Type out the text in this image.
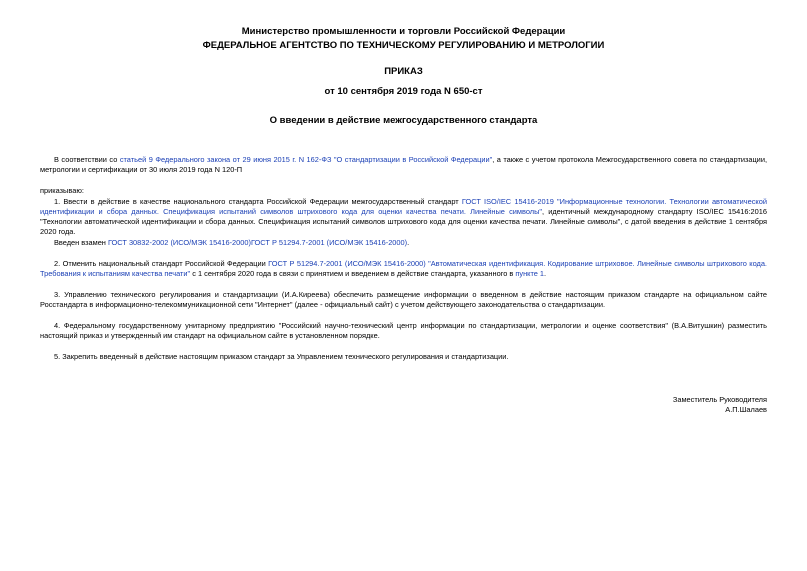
Министерство промышленности и торговли Российской Федерации
ФЕДЕРАЛЬНОЕ АГЕНТСТВО ПО ТЕХНИЧЕСКОМУ РЕГУЛИРОВАНИЮ И МЕТРОЛОГИИ
ПРИКАЗ
от 10 сентября 2019 года N 650-ст
О введении в действие межгосударственного стандарта
В соответствии со статьей 9 Федерального закона от 29 июня 2015 г. N 162-ФЗ "О стандартизации в Российской Федерации", а также с учетом протокола Межгосударственного совета по стандартизации, метрологии и сертификации от 30 июля 2019 года N 120-П
приказываю:
1. Ввести в действие в качестве национального стандарта Российской Федерации межгосударственный стандарт ГОСТ ISO/IEC 15416-2019 "Информационные технологии. Технологии автоматической идентификации и сбора данных. Спецификация испытаний символов штрихового кода для оценки качества печати. Линейные символы", идентичный международному стандарту ISO/IEC 15416:2016 "Технологии автоматической идентификации и сбора данных. Спецификация испытаний символов штрихового кода для оценки качества печати. Линейные символы", с датой введения в действие 1 сентября 2020 года.
Введен взамен ГОСТ 30832-2002 (ИСО/МЭК 15416-2000)ГОСТ Р 51294.7-2001 (ИСО/МЭК 15416-2000).
2. Отменить национальный стандарт Российской Федерации ГОСТ Р 51294.7-2001 (ИСО/МЭК 15416-2000) "Автоматическая идентификация. Кодирование штриховое. Линейные символы штрихового кода. Требования к испытаниям качества печати" с 1 сентября 2020 года в связи с принятием и введением в действие стандарта, указанного в пункте 1.
3. Управлению технического регулирования и стандартизации (И.А.Киреева) обеспечить размещение информации о введенном в действие настоящим приказом стандарте на официальном сайте Росстандарта в информационно-телекоммуникационной сети "Интернет" (далее - официальный сайт) с учетом действующего законодательства о стандартизации.
4. Федеральному государственному унитарному предприятию "Российский научно-технический центр информации по стандартизации, метрологии и оценке соответствия" (В.А.Витушкин) разместить настоящий приказ и утвержденный им стандарт на официальном сайте в установленном порядке.
5. Закрепить введенный в действие настоящим приказом стандарт за Управлением технического регулирования и стандартизации.
Заместитель Руководителя
А.П.Шалаев
